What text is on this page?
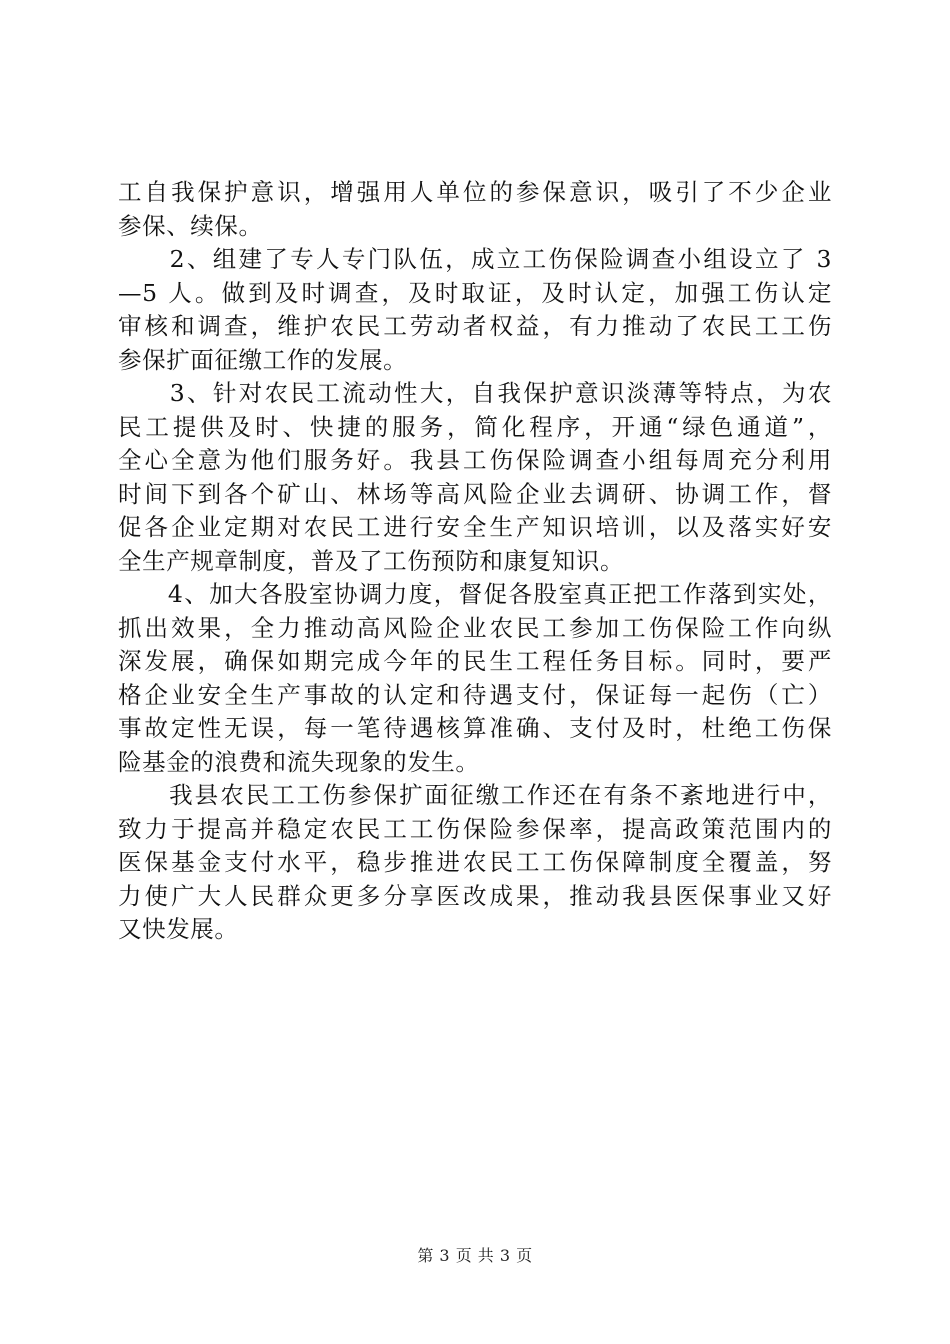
工自我保护意识，增强用人单位的参保意识，吸引了不少企业
参保、续保。
　　2、组建了专人专门队伍，成立工伤保险调查小组设立了 3
—5 人。做到及时调查，及时取证，及时认定，加强工伤认定
审核和调查，维护农民工劳动者权益，有力推动了农民工工伤
参保扩面征缴工作的发展。
　　3、针对农民工流动性大，自我保护意识淡薄等特点，为农
民工提供及时、快捷的服务，简化程序，开通“绿色通道”，
全心全意为他们服务好。我县工伤保险调查小组每周充分利用
时间下到各个矿山、林场等高风险企业去调研、协调工作，督
促各企业定期对农民工进行安全生产知识培训，以及落实好安
全生产规章制度，普及了工伤预防和康复知识。
　　4、加大各股室协调力度，督促各股室真正把工作落到实处，
抓出效果，全力推动高风险企业农民工参加工伤保险工作向纵
深发展，确保如期完成今年的民生工程任务目标。同时，要严
格企业安全生产事故的认定和待遇支付，保证每一起伤（亡）
事故定性无误，每一笔待遇核算准确、支付及时，杜绝工伤保
险基金的浪费和流失现象的发生。
　　我县农民工工伤参保扩面征缴工作还在有条不紊地进行中，
致力于提高并稳定农民工工伤保险参保率，提高政策范围内的
医保基金支付水平，稳步推进农民工工伤保障制度全覆盖，努
力使广大人民群众更多分享医改成果，推动我县医保事业又好
又快发展。
第 3 页 共 3 页
